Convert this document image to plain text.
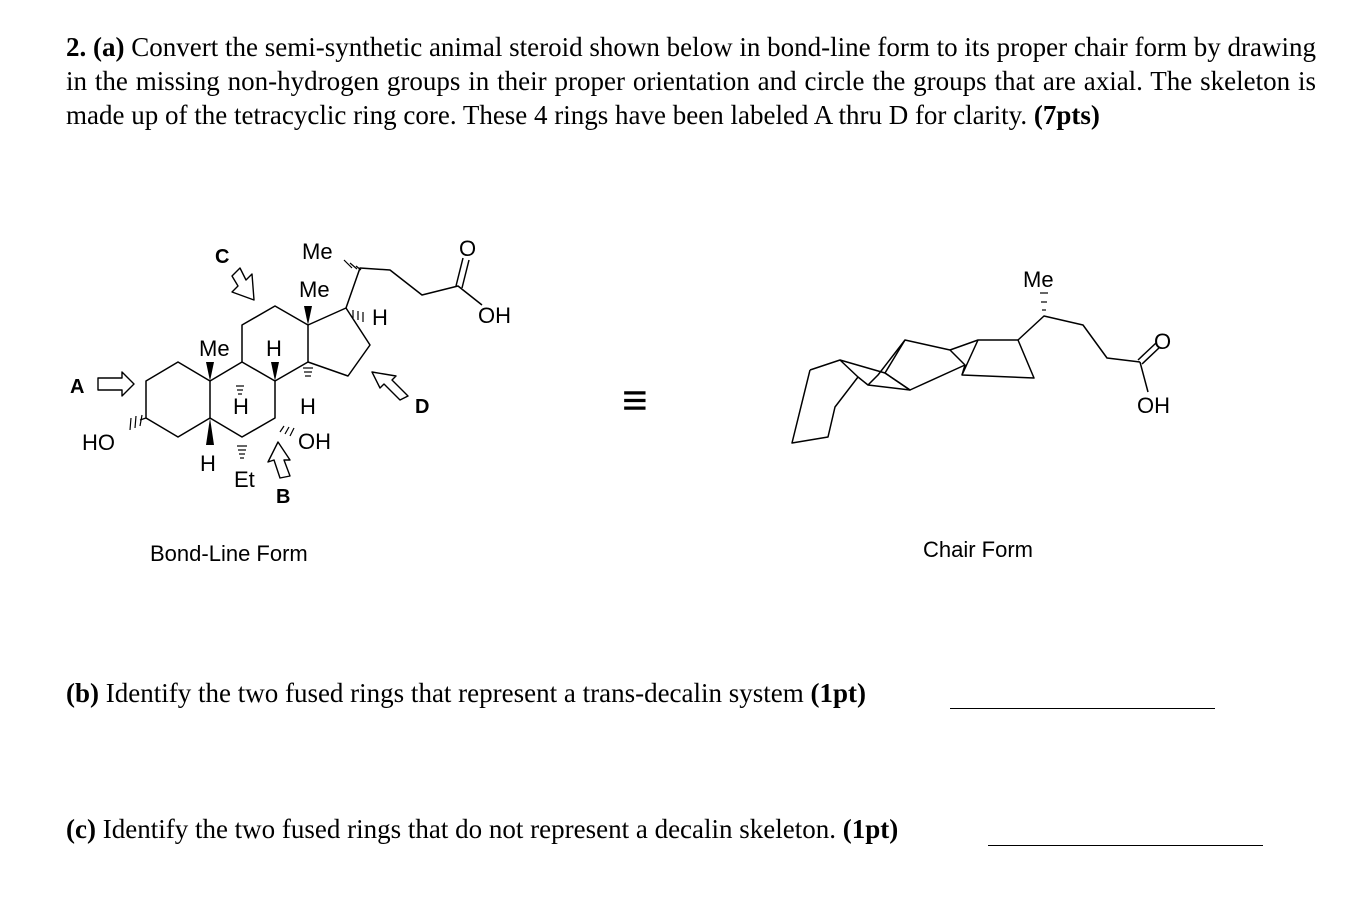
2. (a) Convert the semi-synthetic animal steroid shown below in bond-line form to its proper chair form by drawing in the missing non-hydrogen groups in their proper orientation and circle the groups that are axial. The skeleton is made up of the tetracyclic ring core. These 4 rings have been labeled A thru D for clarity. (7pts)
(b) Identify the two fused rings that represent a trans-decalin system (1pt)
(c) Identify the two fused rings that do not represent a decalin skeleton. (1pt)
A
C
B
D
HO
Me H
H H
H
Et
OH
Me
Me
H
O
OH
Bond-Line Form
≡
Me
O
OH
Chair Form
